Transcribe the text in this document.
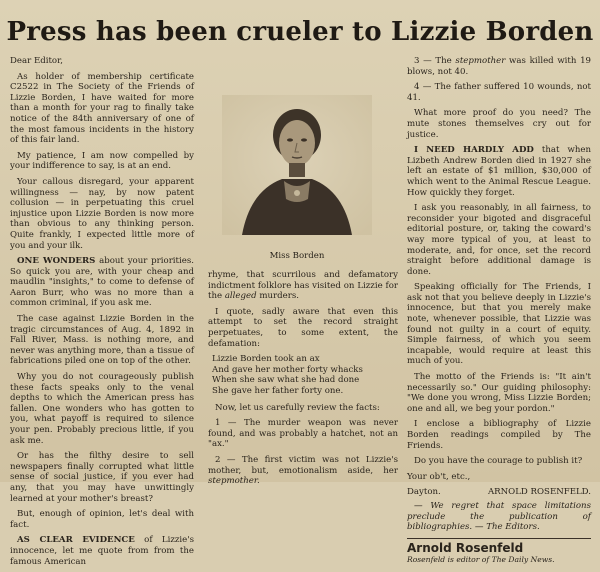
Press has been crueler to Lizzie Borden

Dear Editor,

As holder of membership certificate C2522 in The Society of the Friends of Lizzie Borden, I have waited for more than a month for your rag to finally take notice of the 84th anniversary of one of the most famous incidents in the history of this fair land.

My patience, I am now compelled by your indifference to say, is at an end.

Your callous disregard, your apparent willingness — nay, by now patent collusion — in perpetuating this cruel injustice upon Lizzie Borden is now more than obvious to any thinking person. Quite frankly, I expected little more of you and your ilk.

ONE WONDERS about your priorities. So quick you are, with your cheap and maudlin "insights," to come to defense of Aaron Burr, who was no more than a common criminal, if you ask me.

The case against Lizzie Borden in the tragic circumstances of Aug. 4, 1892 in Fall River, Mass. is nothing more, and never was anything more, than a tissue of fabrications piled one on top of the other.

Why you do not courageously publish these facts speaks only to the venal depths to which the American press has fallen. One wonders who has gotten to you, what payoff is required to silence your pen. Probably precious little, if you ask me.

Or has the filthy desire to sell newspapers finally corrupted what little sense of social justice, if you ever had any, that you may have unwittingly learned at your mother's breast?

But, enough of opinion, let's deal with fact.

AS CLEAR EVIDENCE of Lizzie's innocence, let me quote from from the famous American

Miss Borden

rhyme, that scurrilous and defamatory indictment folklore has visited on Lizzie for the alleged murders.

I quote, sadly aware that even this attempt to set the record straight perpetuates, to some extent, the defamation:

Lizzie Borden took an ax

And gave her mother forty whacks

When she saw what she had done

She gave her father forty one.

Now, let us carefully review the facts:

1 — The murder weapon was never found, and was probably a hatchet, not an "ax."

2 — The first victim was not Lizzie's mother, but, emotionalism aside, her stepmother.

3 — The stepmother was killed with 19 blows, not 40.

4 — The father suffered 10 wounds, not 41.

What more proof do you need? The mute stones themselves cry out for justice.

I NEED HARDLY ADD that when Lizbeth Andrew Borden died in 1927 she left an estate of $1 million, $30,000 of which went to the Animal Rescue League. How quickly they forget.

I ask you reasonably, in all fairness, to reconsider your bigoted and disgraceful editorial posture, or, taking the coward's way more typical of you, at least to moderate, and, for once, set the record straight before additional damage is done.

Speaking officially for The Friends, I ask not that you believe deeply in Lizzie's innocence, but that you merely make note, whenever possible, that Lizzie was found not guilty in a court of equity. Simple fairness, of which you seem incapable, would require at least this much of you.

The motto of the Friends is: "It ain't necessarily so." Our guiding philosophy: "We done you wrong, Miss Lizzie Borden; one and all, we beg your pordon."

I enclose a bibliography of Lizzie Borden readings compiled by The Friends.

Do you have the courage to publish it?

Your ob't, etc.,

Dayton.	ARNOLD ROSENFELD.

— We regret that space limitations preclude the publication of bibliographies. — The Editors.

Arnold Rosenfeld
Rosenfeld is editor of The Daily News.
